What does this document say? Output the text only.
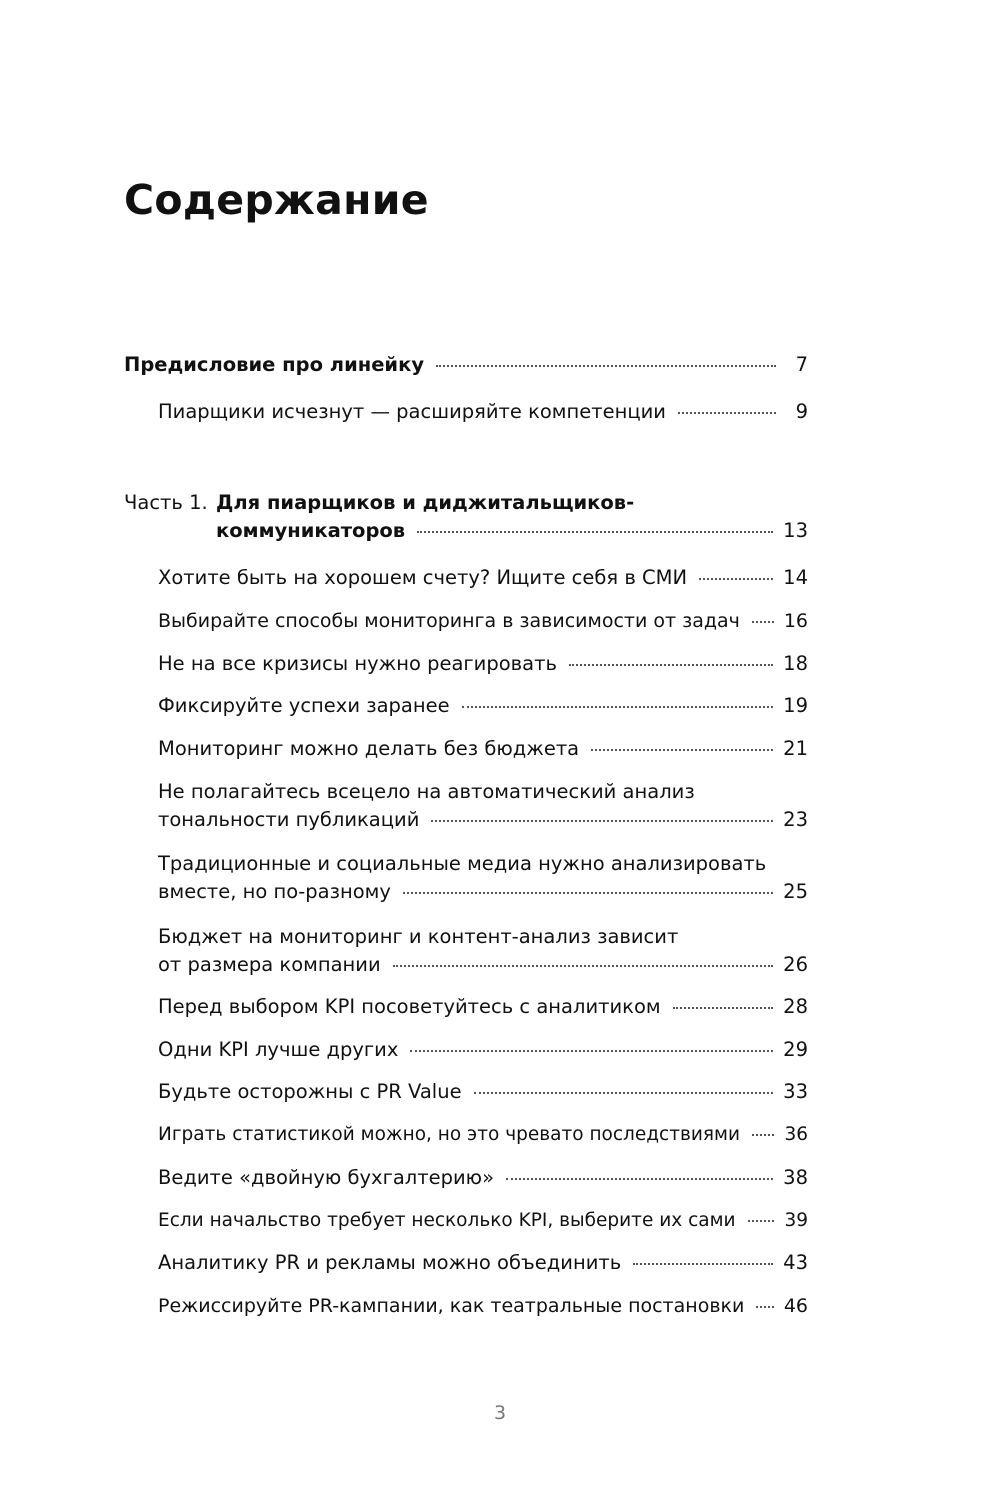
Содержание
Предисловие про линейку	7
Пиарщики исчезнут — расширяйте компетенции	9
Часть 1. Для пиарщиков и диджитальщиков-
коммуникаторов	13
Хотите быть на хорошем счету? Ищите себя в СМИ	14
Выбирайте способы мониторинга в зависимости от задач 16
Не на все кризисы нужно реагировать	18
Фиксируйте успехи заранее	19
Мониторинг можно делать без бюджета	21
Не полагайтесь всецело на автоматический анализ
тональности публикаций	23
Традиционные и социальные медиа нужно анализировать
вместе, но по-разному	25
Бюджет на мониторинг и контент-анализ зависит
от размера компании	26
Перед выбором KPI посоветуйтесь с аналитиком	28
Одни KPI лучше других	29
Будьте осторожны с PR Value	33
Играть статистикой можно, но это чревато последствиями 36
Ведите «двойную бухгалтерию»	38
Если начальство требует несколько KPI, выберите их сами	39
Аналитику PR и рекламы можно объединить	43
Режиссируйте PR-кампании, как театральные постановки 46
3
